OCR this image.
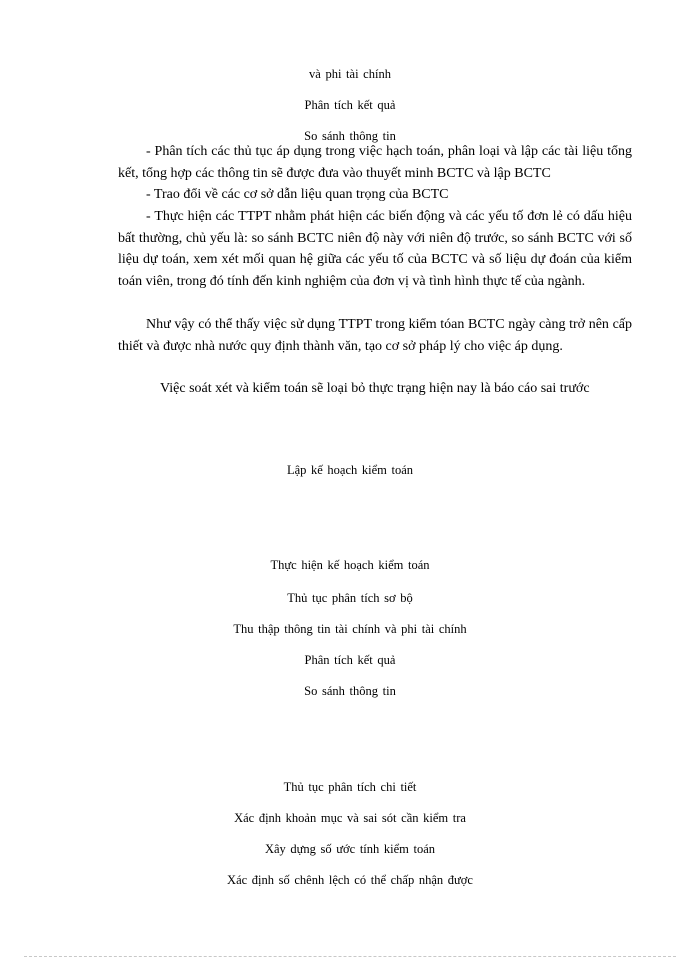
và phi tài chính
Phân tích kết quả
So sánh thông tin
- Phân tích các thủ tục áp dụng trong việc hạch toán, phân loại và lập các tài liệu tổng kết, tổng hợp các thông tin sẽ được đưa vào thuyết minh BCTC và lập BCTC
- Trao đổi về các cơ sở dẫn liệu quan trọng của BCTC
- Thực hiện các TTPT nhằm phát hiện các biến động và các yếu tố đơn lẻ có dấu hiệu bất thường, chủ yếu là: so sánh BCTC niên độ này với niên độ trước, so sánh BCTC với số liệu dự toán, xem xét mối quan hệ giữa các yếu tố của BCTC và số liệu dự đoán của kiểm toán viên, trong đó tính đến kinh nghiệm của đơn vị và tình hình thực tế của ngành.
Như vậy có thể thấy việc sử dụng TTPT trong kiểm tóan BCTC ngày càng trở nên cấp thiết và được nhà nước quy định thành văn, tạo cơ sở pháp lý cho việc áp dụng.
Việc soát xét và kiểm toán sẽ loại bỏ thực trạng hiện nay là báo cáo sai trước
Lập kế hoạch kiểm toán
Thực hiện kế hoạch kiểm toán
Thủ tục phân tích sơ bộ
Thu thập thông tin tài chính và phi tài chính
Phân tích kết quả
So sánh thông tin
Thủ tục phân tích chi tiết
Xác định khoản mục và sai sót cần kiểm tra
Xây dựng số ước tính kiểm toán
Xác định số chênh lệch có thể chấp nhận được
